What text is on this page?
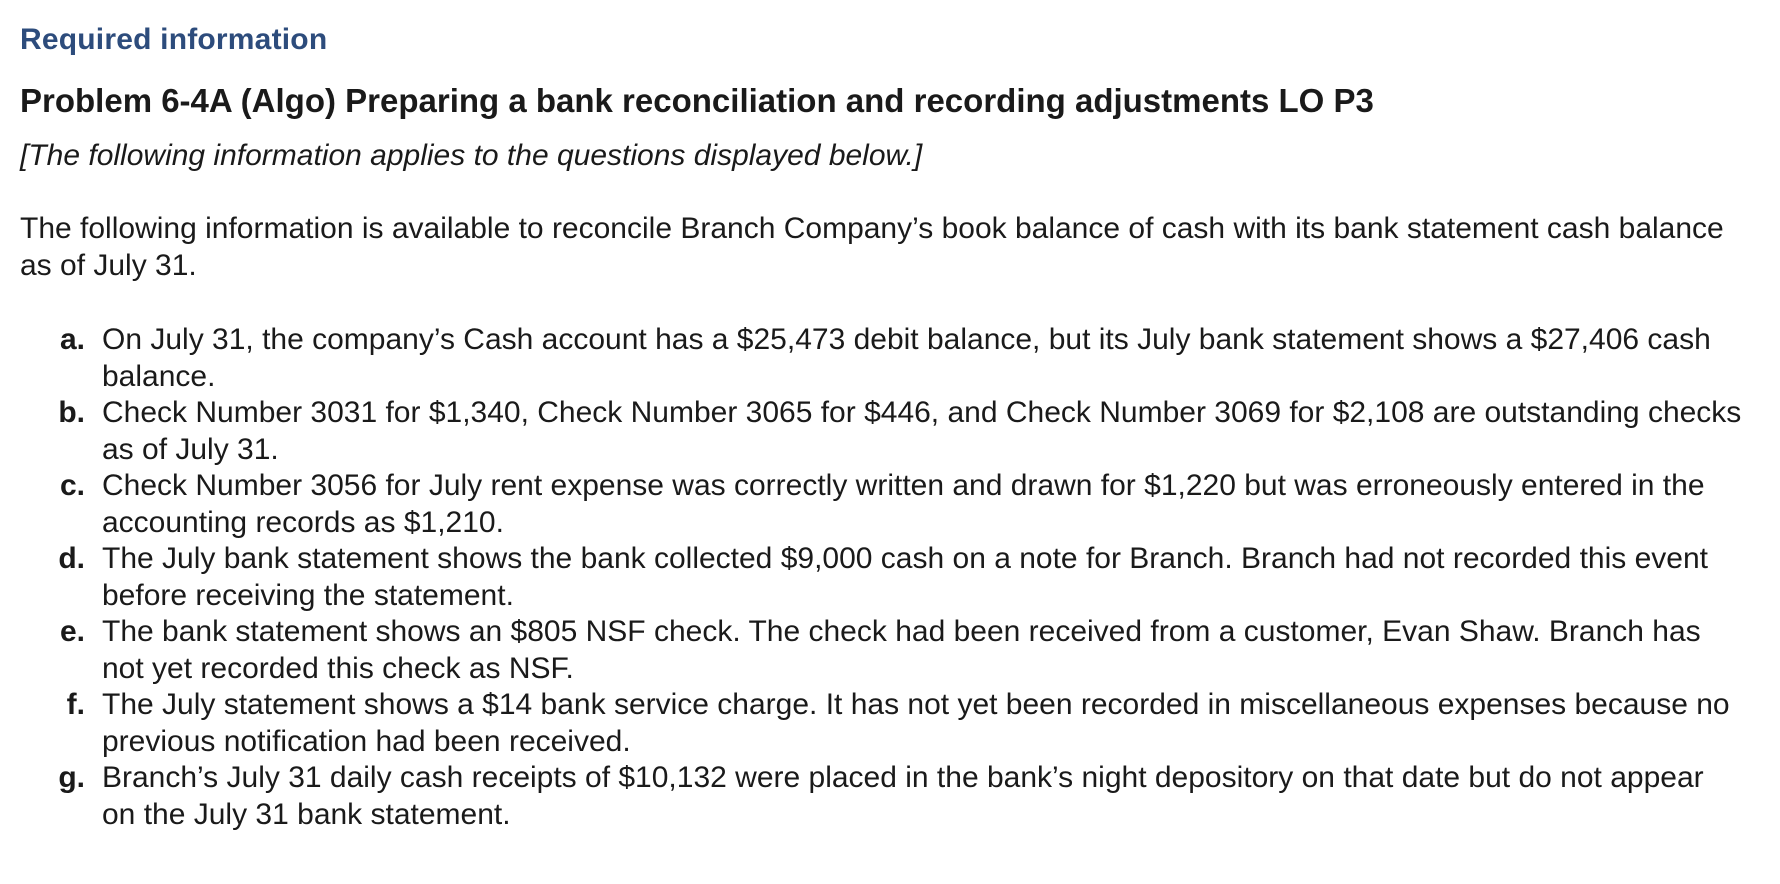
Required information
Problem 6-4A (Algo) Preparing a bank reconciliation and recording adjustments LO P3
[The following information applies to the questions displayed below.]
The following information is available to reconcile Branch Company’s book balance of cash with its bank statement cash balance as of July 31.
a. On July 31, the company’s Cash account has a $25,473 debit balance, but its July bank statement shows a $27,406 cash balance.
b. Check Number 3031 for $1,340, Check Number 3065 for $446, and Check Number 3069 for $2,108 are outstanding checks as of July 31.
c. Check Number 3056 for July rent expense was correctly written and drawn for $1,220 but was erroneously entered in the accounting records as $1,210.
d. The July bank statement shows the bank collected $9,000 cash on a note for Branch. Branch had not recorded this event before receiving the statement.
e. The bank statement shows an $805 NSF check. The check had been received from a customer, Evan Shaw. Branch has not yet recorded this check as NSF.
f. The July statement shows a $14 bank service charge. It has not yet been recorded in miscellaneous expenses because no previous notification had been received.
g. Branch’s July 31 daily cash receipts of $10,132 were placed in the bank’s night depository on that date but do not appear on the July 31 bank statement.
